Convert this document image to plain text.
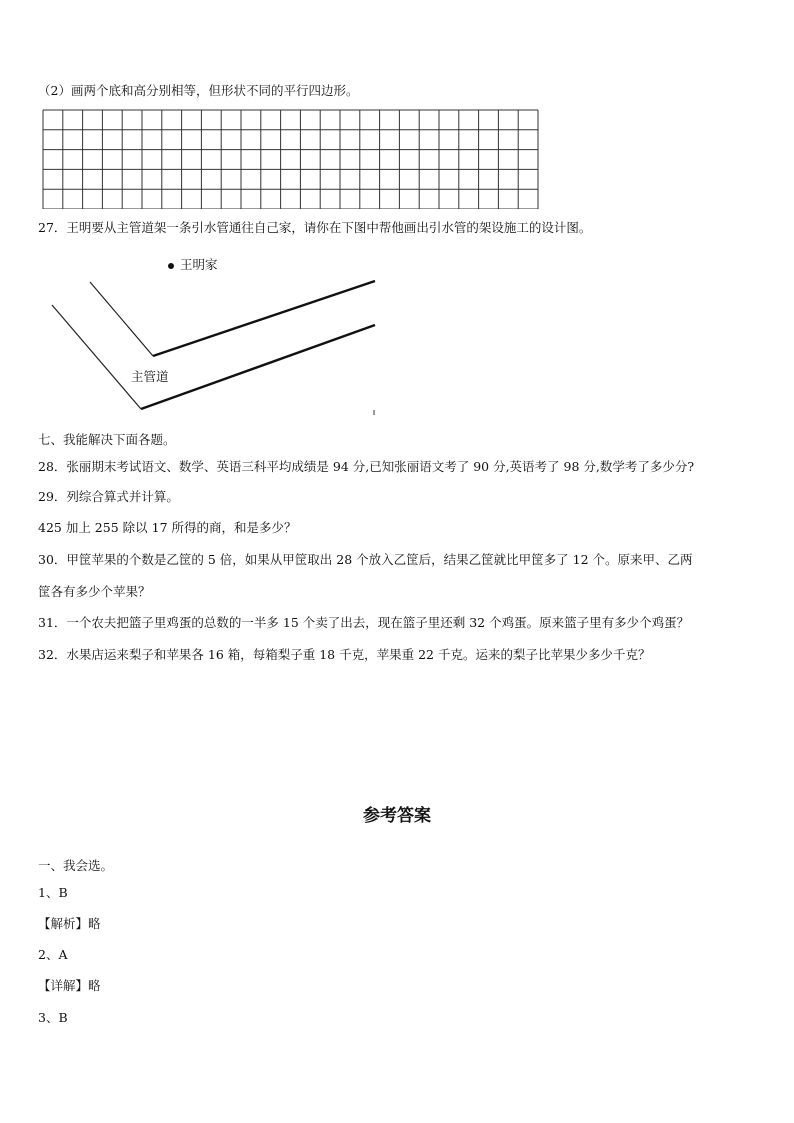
（2）画两个底和高分别相等，但形状不同的平行四边形。
27．王明要从主管道架一条引水管通往自己家，请你在下图中帮他画出引水管的架设施工的设计图。
王明家
主管道
七、我能解决下面各题。
28．张丽期末考试语文、数学、英语三科平均成绩是 94 分,已知张丽语文考了 90 分,英语考了 98 分,数学考了多少分?
29．列综合算式并计算。
425 加上 255 除以 17 所得的商，和是多少？
30．甲筐苹果的个数是乙筐的 5 倍，如果从甲筐取出 28 个放入乙筐后，结果乙筐就比甲筐多了 12 个。原来甲、乙两
筐各有多少个苹果？
31．一个农夫把篮子里鸡蛋的总数的一半多 15 个卖了出去，现在篮子里还剩 32 个鸡蛋。原来篮子里有多少个鸡蛋？
32．水果店运来梨子和苹果各 16 箱，每箱梨子重 18 千克，苹果重 22 千克。运来的梨子比苹果少多少千克？
参考答案
一、我会选。
1、B
【解析】略
2、A
【详解】略
3、B
